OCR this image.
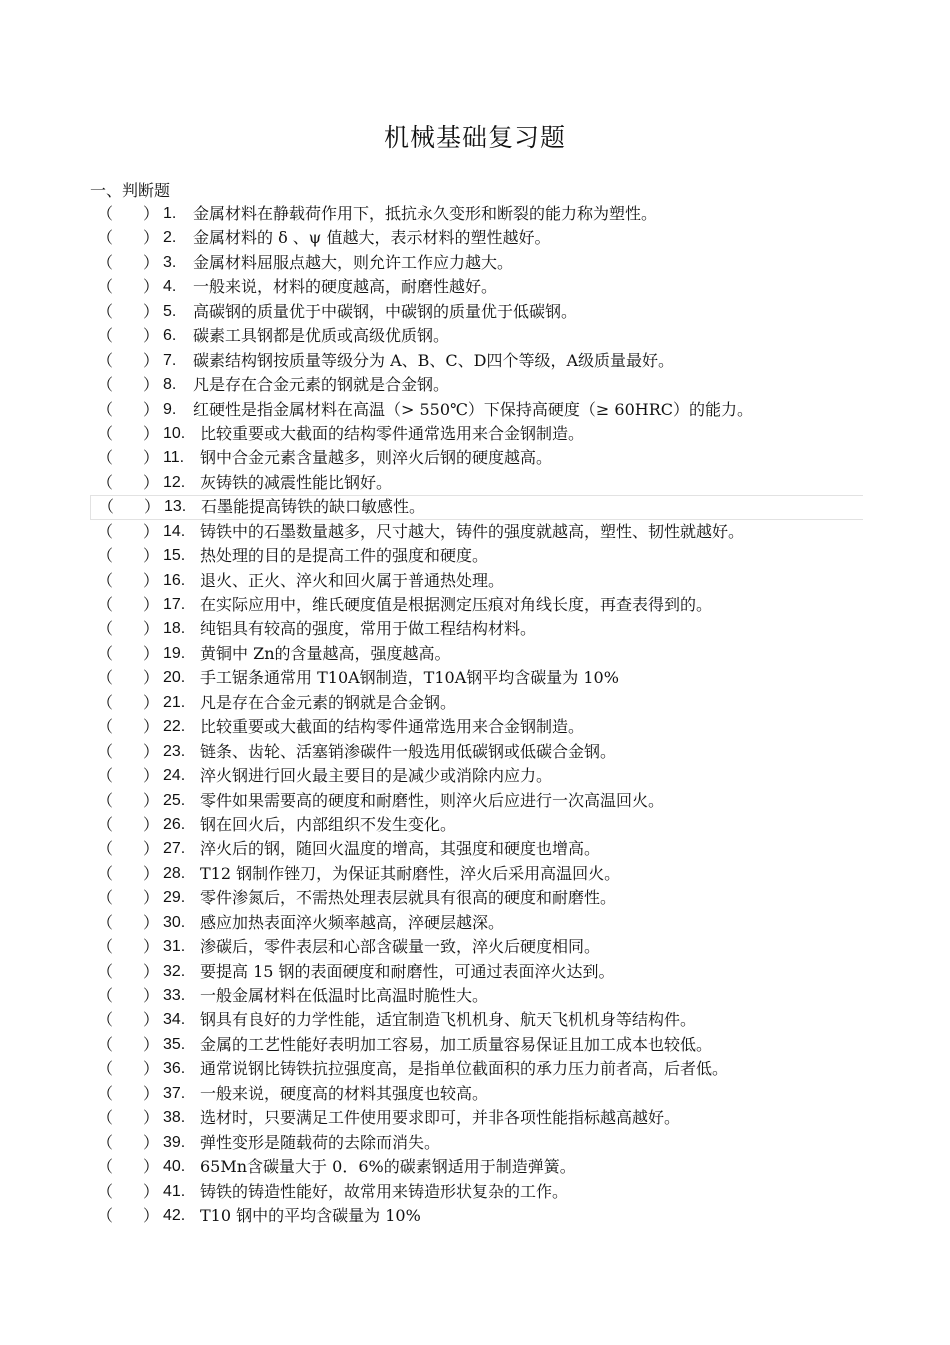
机械基础复习题
一、判断题
（ ） 1. 金属材料在静载荷作用下，抵抗永久变形和断裂的能力称为塑性。
（ ） 2. 金属材料的 δ 、ψ 值越大，表示材料的塑性越好。
（ ） 3. 金属材料屈服点越大，则允许工作应力越大。
（ ） 4. 一般来说，材料的硬度越高，耐磨性越好。
（ ） 5. 高碳钢的质量优于中碳钢，中碳钢的质量优于低碳钢。
（ ） 6. 碳素工具钢都是优质或高级优质钢。
（ ） 7. 碳素结构钢按质量等级分为 A、B、C、D四个等级，A级质量最好。
（ ） 8. 凡是存在合金元素的钢就是合金钢。
（ ） 9. 红硬性是指金属材料在高温（> 550℃）下保持高硬度（≥ 60HRC）的能力。
（ ） 10. 比较重要或大截面的结构零件通常选用来合金钢制造。
（ ） 11. 钢中合金元素含量越多，则淬火后钢的硬度越高。
（ ） 12. 灰铸铁的减震性能比钢好。
（ ） 13. 石墨能提高铸铁的缺口敏感性。
（ ） 14. 铸铁中的石墨数量越多，尺寸越大，铸件的强度就越高，塑性、韧性就越好。
（ ） 15. 热处理的目的是提高工件的强度和硬度。
（ ） 16. 退火、正火、淬火和回火属于普通热处理。
（ ） 17. 在实际应用中，维氏硬度值是根据测定压痕对角线长度，再查表得到的。
（ ） 18. 纯铝具有较高的强度，常用于做工程结构材料。
（ ） 19. 黄铜中 Zn的含量越高，强度越高。
（ ） 20. 手工锯条通常用 T10A钢制造，T10A钢平均含碳量为 10%
（ ） 21. 凡是存在合金元素的钢就是合金钢。
（ ） 22. 比较重要或大截面的结构零件通常选用来合金钢制造。
（ ） 23. 链条、齿轮、活塞销渗碳件一般选用低碳钢或低碳合金钢。
（ ） 24. 淬火钢进行回火最主要目的是减少或消除内应力。
（ ） 25. 零件如果需要高的硬度和耐磨性，则淬火后应进行一次高温回火。
（ ） 26. 钢在回火后，内部组织不发生变化。
（ ） 27. 淬火后的钢，随回火温度的增高，其强度和硬度也增高。
（ ） 28. T12 钢制作锉刀，为保证其耐磨性，淬火后采用高温回火。
（ ） 29. 零件渗氮后，不需热处理表层就具有很高的硬度和耐磨性。
（ ） 30. 感应加热表面淬火频率越高，淬硬层越深。
（ ） 31. 渗碳后，零件表层和心部含碳量一致，淬火后硬度相同。
（ ） 32. 要提高 15 钢的表面硬度和耐磨性，可通过表面淬火达到。
（ ） 33. 一般金属材料在低温时比高温时脆性大。
（ ） 34. 钢具有良好的力学性能，适宜制造飞机机身、航天飞机机身等结构件。
（ ） 35. 金属的工艺性能好表明加工容易，加工质量容易保证且加工成本也较低。
（ ） 36. 通常说钢比铸铁抗拉强度高，是指单位截面积的承力压力前者高，后者低。
（ ） 37. 一般来说，硬度高的材料其强度也较高。
（ ） 38. 选材时，只要满足工件使用要求即可，并非各项性能指标越高越好。
（ ） 39. 弹性变形是随载荷的去除而消失。
（ ） 40. 65Mn含碳量大于 0．6%的碳素钢适用于制造弹簧。
（ ） 41. 铸铁的铸造性能好，故常用来铸造形状复杂的工作。
（ ） 42. T10 钢中的平均含碳量为 10%
